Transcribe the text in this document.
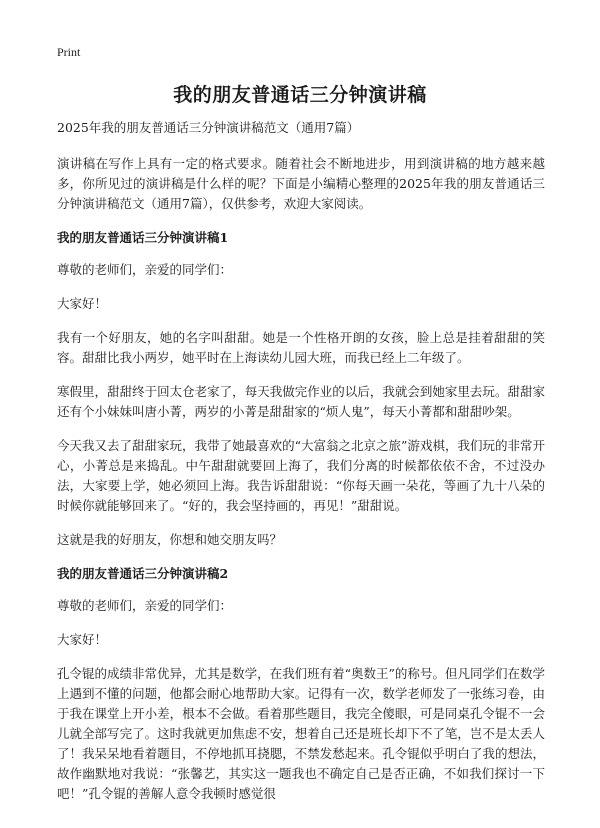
Print
我的朋友普通话三分钟演讲稿
2025年我的朋友普通话三分钟演讲稿范文（通用7篇）

演讲稿在写作上具有一定的格式要求。随着社会不断地进步，用到演讲稿的地方越来越多，你所见过的演讲稿是什么样的呢？下面是小编精心整理的2025年我的朋友普通话三分钟演讲稿范文（通用7篇），仅供参考，欢迎大家阅读。

我的朋友普通话三分钟演讲稿1

尊敬的老师们，亲爱的同学们：

大家好！

我有一个好朋友，她的名字叫甜甜。她是一个性格开朗的女孩，脸上总是挂着甜甜的笑容。甜甜比我小两岁，她平时在上海读幼儿园大班，而我已经上二年级了。

寒假里，甜甜终于回太仓老家了，每天我做完作业的以后，我就会到她家里去玩。甜甜家还有个小妹妹叫唐小菁，两岁的小菁是甜甜家的“烦人鬼”，每天小菁都和甜甜吵架。

今天我又去了甜甜家玩，我带了她最喜欢的“大富翁之北京之旅”游戏棋，我们玩的非常开心，小菁总是来捣乱。中午甜甜就要回上海了，我们分离的时候都依依不舍，不过没办法，大家要上学，她必须回上海。我告诉甜甜说：“你每天画一朵花，等画了九十八朵的时候你就能够回来了。“好的，我会坚持画的，再见！”甜甜说。

这就是我的好朋友，你想和她交朋友吗？

我的朋友普通话三分钟演讲稿2

尊敬的老师们，亲爱的同学们：

大家好！

孔令锟的成绩非常优异，尤其是数学，在我们班有着“奥数王”的称号。但凡同学们在数学上遇到不懂的问题，他都会耐心地帮助大家。记得有一次，数学老师发了一张练习卷，由于我在课堂上开小差，根本不会做。看着那些题目，我完全傻眼，可是同桌孔令锟不一会儿就全部写完了。这时我就更加焦虑不安，想着自己还是班长却下不了笔，岂不是太丢人了！我呆呆地看着题目，不停地抓耳挠腮，不禁发愁起来。孔令锟似乎明白了我的想法，故作幽默地对我说：“张馨艺，其实这一题我也不确定自己是否正确，不如我们探讨一下吧！”孔令锟的善解人意令我顿时感觉很
